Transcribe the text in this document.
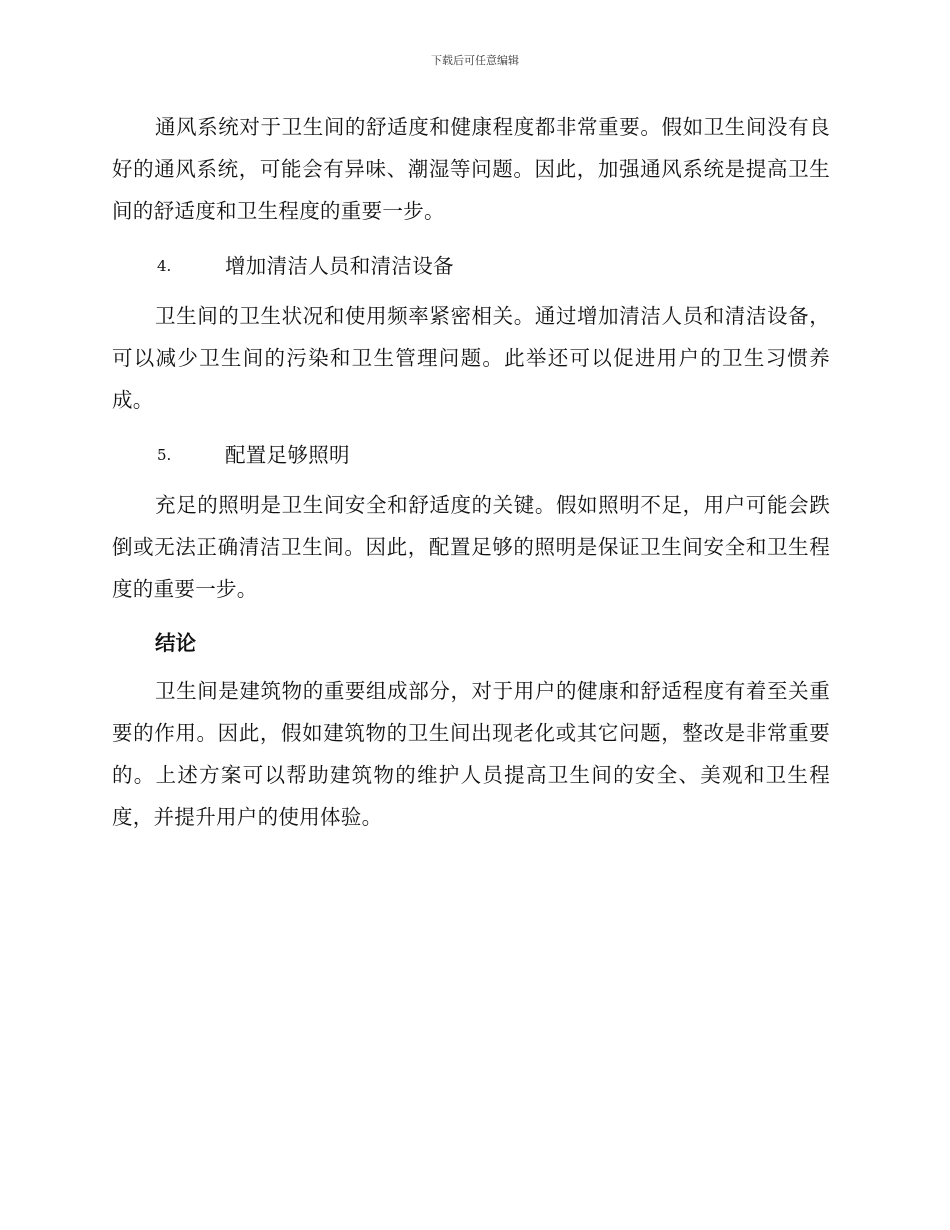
下载后可任意编辑

通风系统对于卫生间的舒适度和健康程度都非常重要。假如卫生间没有良好的通风系统，可能会有异味、潮湿等问题。因此，加强通风系统是提高卫生间的舒适度和卫生程度的重要一步。

4.	增加清洁人员和清洁设备

卫生间的卫生状况和使用频率紧密相关。通过增加清洁人员和清洁设备，可以减少卫生间的污染和卫生管理问题。此举还可以促进用户的卫生习惯养成。

5.	配置足够照明

充足的照明是卫生间安全和舒适度的关键。假如照明不足，用户可能会跌倒或无法正确清洁卫生间。因此，配置足够的照明是保证卫生间安全和卫生程度的重要一步。

结论

卫生间是建筑物的重要组成部分，对于用户的健康和舒适程度有着至关重要的作用。因此，假如建筑物的卫生间出现老化或其它问题，整改是非常重要的。上述方案可以帮助建筑物的维护人员提高卫生间的安全、美观和卫生程度，并提升用户的使用体验。
